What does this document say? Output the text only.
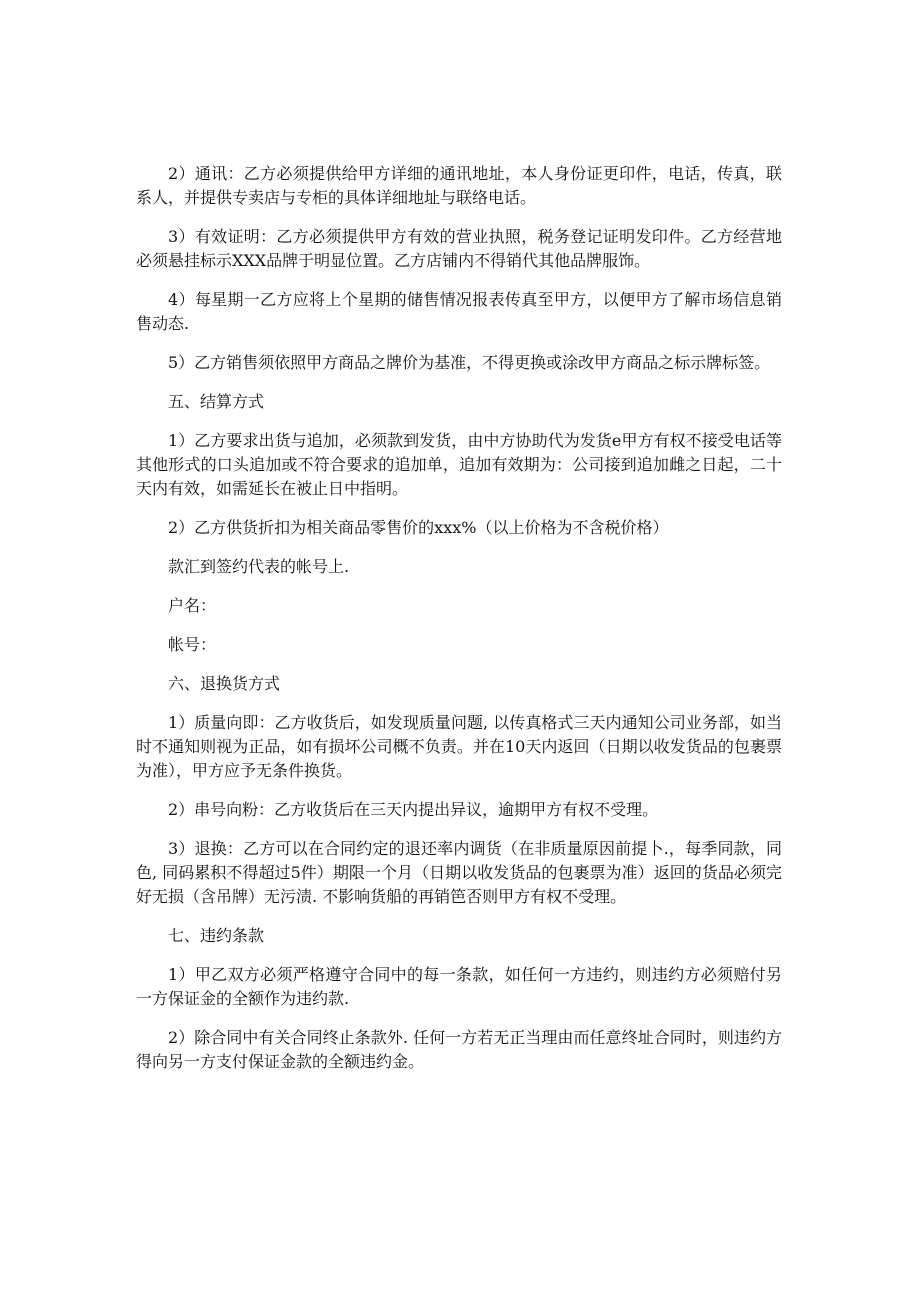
2）通讯：乙方必须提供给甲方详细的通讯地址，本人身份证更印件，电话，传真，联系人，并提供专卖店与专柜的具体详细地址与联络电话。

3）有效证明：乙方必须提供甲方有效的营业执照，税务登记证明发印件。乙方经营地必须悬挂标示XXX品牌于明显位置。乙方店铺内不得销代其他品牌服饰。

4）每星期一乙方应将上个星期的储售情况报表传真至甲方，以便甲方了解市场信息销售动态.

5）乙方销售须依照甲方商品之牌价为基准，不得更换或涂改甲方商品之标示牌标签。

五、结算方式

1）乙方要求出货与追加，必须款到发货，由中方协助代为发货e甲方有权不接受电话等其他形式的口头追加或不符合要求的追加单，追加有效期为：公司接到追加雌之日起，二十天内有效，如需延长在被止日中指明。

2）乙方供货折扣为相关商品零售价的xxx%（以上价格为不含税价格）

款汇到签约代表的帐号上.

户名：

帐号：

六、退换货方式

1）质量向即：乙方收货后，如发现质量问题, 以传真格式三天内通知公司业务部，如当时不通知则视为正品，如有损坏公司概不负责。并在10天内返回（日期以收发货品的包裹票为准），甲方应予无条件换货。

2）串号向粉：乙方收货后在三天内提出异议，逾期甲方有权不受理。

3）退换：乙方可以在合同约定的退还率内调货（在非质量原因前提卜.，每季同款，同色, 同码累积不得超过5件）期限一个月（日期以收发货品的包裹票为准）返回的货品必须完好无损（含吊牌）无污渍. 不影响货船的再销笆否则甲方有权不受理。

七、违约条款

1）甲乙双方必须严格遵守合同中的每一条款，如任何一方违约，则违约方必须赔付另一方保证金的全额作为违约款.

2）除合同中有关合同终止条款外. 任何一方若无正当理由而任意终址合同时，则违约方得向另一方支付保证金款的全额违约金。
